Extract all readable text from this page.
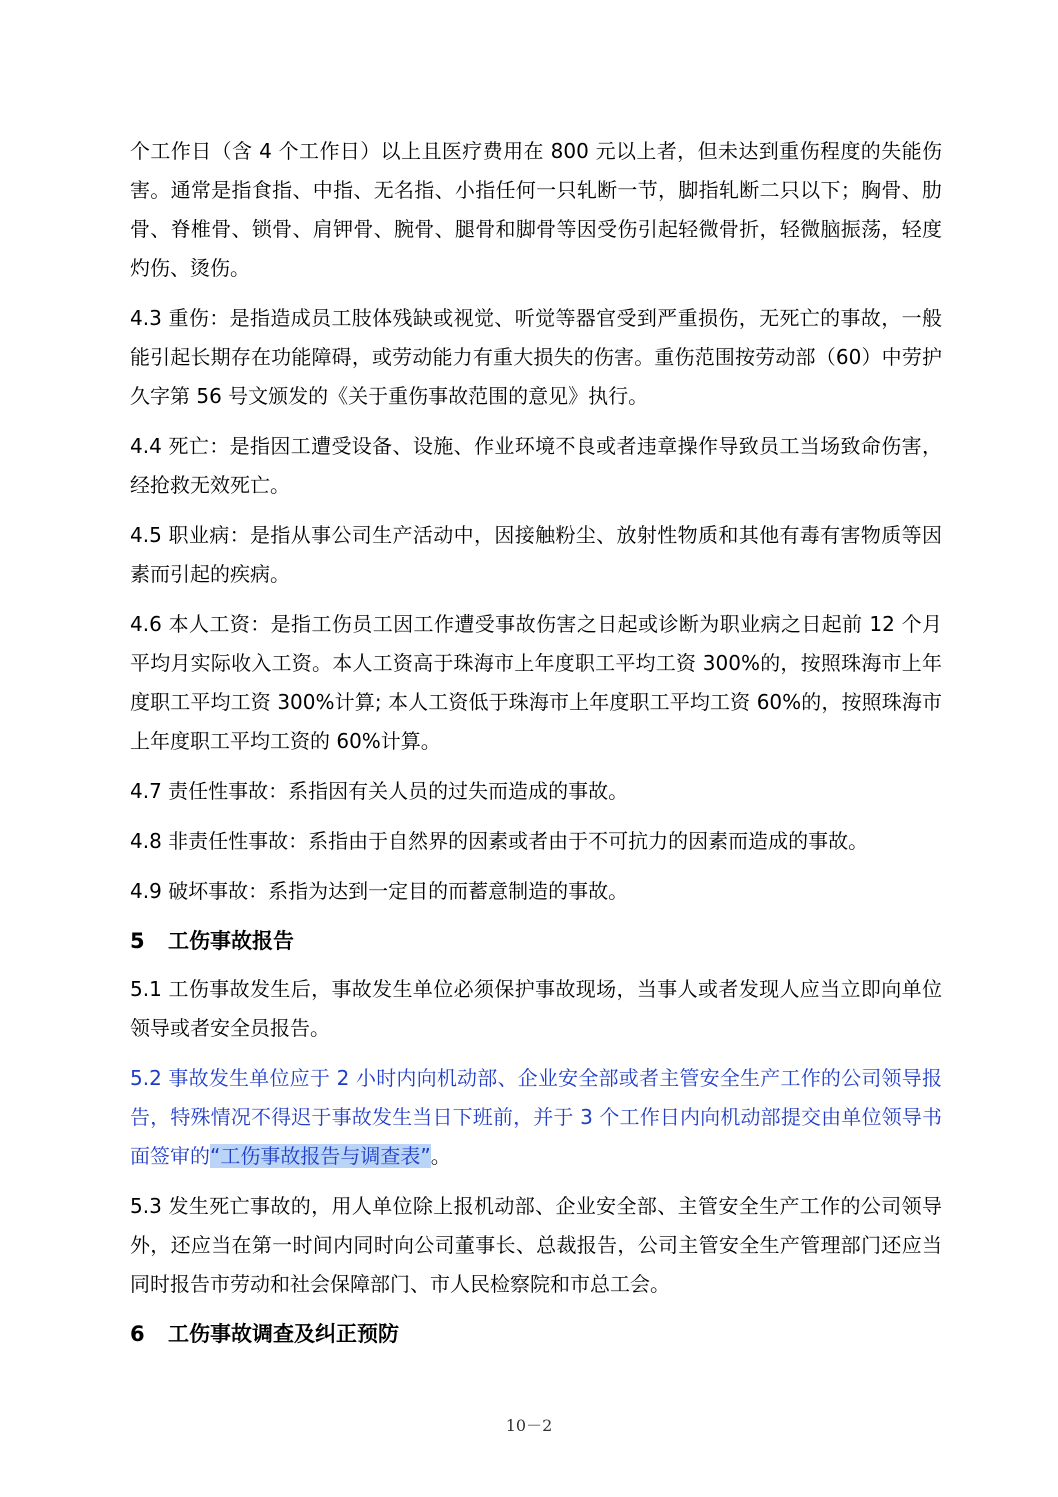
个工作日（含 4 个工作日）以上且医疗费用在 800 元以上者，但未达到重伤程度的失能伤害。通常是指食指、中指、无名指、小指任何一只轧断一节，脚指轧断二只以下；胸骨、肋骨、脊椎骨、锁骨、肩钾骨、腕骨、腿骨和脚骨等因受伤引起轻微骨折，轻微脑振荡，轻度灼伤、烫伤。

4.3 重伤：是指造成员工肢体残缺或视觉、听觉等器官受到严重损伤，无死亡的事故，一般能引起长期存在功能障碍，或劳动能力有重大损失的伤害。重伤范围按劳动部（60）中劳护久字第 56 号文颁发的《关于重伤事故范围的意见》执行。

4.4 死亡：是指因工遭受设备、设施、作业环境不良或者违章操作导致员工当场致命伤害，经抢救无效死亡。

4.5 职业病：是指从事公司生产活动中，因接触粉尘、放射性物质和其他有毒有害物质等因素而引起的疾病。

4.6 本人工资：是指工伤员工因工作遭受事故伤害之日起或诊断为职业病之日起前 12 个月平均月实际收入工资。本人工资高于珠海市上年度职工平均工资 300%的，按照珠海市上年度职工平均工资 300%计算; 本人工资低于珠海市上年度职工平均工资 60%的，按照珠海市上年度职工平均工资的 60%计算。

4.7 责任性事故：系指因有关人员的过失而造成的事故。

4.8 非责任性事故：系指由于自然界的因素或者由于不可抗力的因素而造成的事故。

4.9 破坏事故：系指为达到一定目的而蓄意制造的事故。

5 工伤事故报告

5.1 工伤事故发生后，事故发生单位必须保护事故现场，当事人或者发现人应当立即向单位领导或者安全员报告。

5.2 事故发生单位应于 2 小时内向机动部、企业安全部或者主管安全生产工作的公司领导报告，特殊情况不得迟于事故发生当日下班前，并于 3 个工作日内向机动部提交由单位领导书面签审的“工伤事故报告与调查表”。

5.3 发生死亡事故的，用人单位除上报机动部、企业安全部、主管安全生产工作的公司领导外，还应当在第一时间内同时向公司董事长、总裁报告，公司主管安全生产管理部门还应当同时报告市劳动和社会保障部门、市人民检察院和市总工会。

6 工伤事故调查及纠正预防
10－2
